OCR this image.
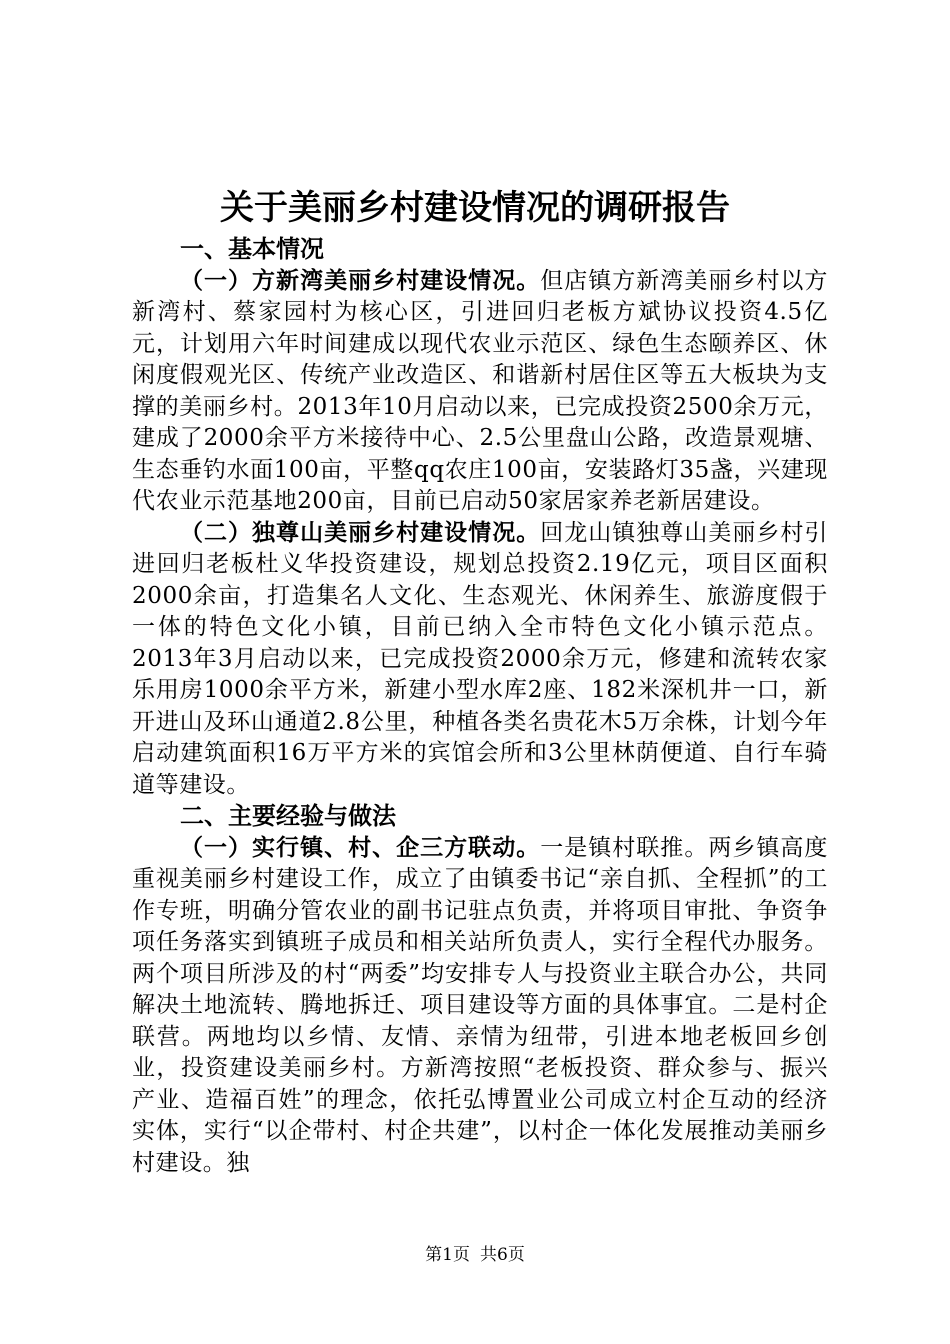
关于美丽乡村建设情况的调研报告
一、基本情况

（一）方新湾美丽乡村建设情况。但店镇方新湾美丽乡村以方新湾村、蔡家园村为核心区，引进回归老板方斌协议投资4.5亿元，计划用六年时间建成以现代农业示范区、绿色生态颐养区、休闲度假观光区、传统产业改造区、和谐新村居住区等五大板块为支撑的美丽乡村。2013年10月启动以来，已完成投资2500余万元，建成了2000余平方米接待中心、2.5公里盘山公路，改造景观塘、生态垂钓水面100亩，平整qq农庄100亩，安装路灯35盏，兴建现代农业示范基地200亩，目前已启动50家居家养老新居建设。

（二）独尊山美丽乡村建设情况。回龙山镇独尊山美丽乡村引进回归老板杜义华投资建设，规划总投资2.19亿元，项目区面积2000余亩，打造集名人文化、生态观光、休闲养生、旅游度假于一体的特色文化小镇，目前已纳入全市特色文化小镇示范点。2013年3月启动以来，已完成投资2000余万元，修建和流转农家乐用房1000余平方米，新建小型水库2座、182米深机井一口，新开进山及环山通道2.8公里，种植各类名贵花木5万余株，计划今年启动建筑面积16万平方米的宾馆会所和3公里林荫便道、自行车骑道等建设。

二、主要经验与做法

（一）实行镇、村、企三方联动。一是镇村联推。两乡镇高度重视美丽乡村建设工作，成立了由镇委书记“亲自抓、全程抓”的工作专班，明确分管农业的副书记驻点负责，并将项目审批、争资争项任务落实到镇班子成员和相关站所负责人，实行全程代办服务。两个项目所涉及的村“两委”均安排专人与投资业主联合办公，共同解决土地流转、腾地拆迁、项目建设等方面的具体事宜。二是村企联营。两地均以乡情、友情、亲情为纽带，引进本地老板回乡创业，投资建设美丽乡村。方新湾按照“老板投资、群众参与、振兴产业、造福百姓”的理念，依托弘博置业公司成立村企互动的经济实体，实行“以企带村、村企共建”，以村企一体化发展推动美丽乡村建设。独

第1页 共6页
